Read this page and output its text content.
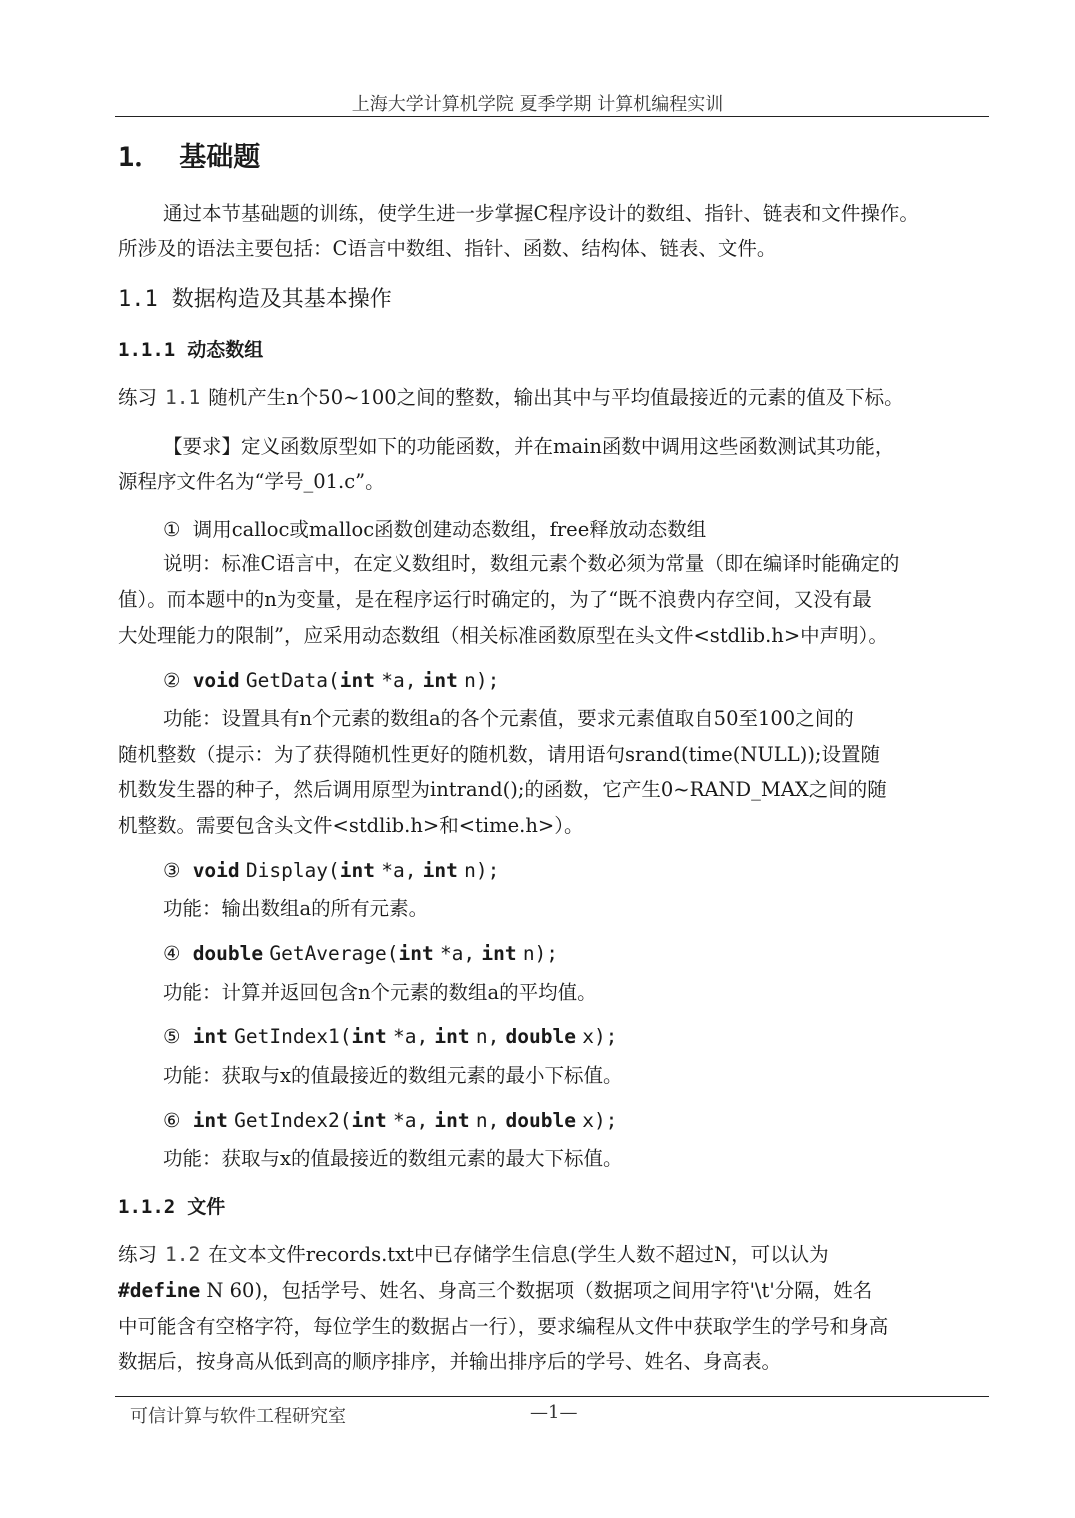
上海大学计算机学院 夏季学期 计算机编程实训
1． 基础题
通过本节基础题的训练，使学生进一步掌握C程序设计的数组、指针、链表和文件操作。
所涉及的语法主要包括：C语言中数组、指针、函数、结构体、链表、文件。
1.1 数据构造及其基本操作
1.1.1 动态数组
练习 1.1 随机产生n个50~100之间的整数，输出其中与平均值最接近的元素的值及下标。
【要求】定义函数原型如下的功能函数，并在main函数中调用这些函数测试其功能，
源程序文件名为“学号_01.c”。
① 调用calloc或malloc函数创建动态数组，free释放动态数组
说明：标准C语言中，在定义数组时，数组元素个数必须为常量（即在编译时能确定的
值）。而本题中的n为变量，是在程序运行时确定的，为了“既不浪费内存空间，又没有最
大处理能力的限制”，应采用动态数组（相关标准函数原型在头文件<stdlib.h>中声明）。
② void GetData(int *a, int n);
功能：设置具有n个元素的数组a的各个元素值，要求元素值取自50至100之间的
随机整数（提示：为了获得随机性更好的随机数，请用语句srand(time(NULL));设置随
机数发生器的种子，然后调用原型为intrand();的函数，它产生0~RAND_MAX之间的随
机整数。需要包含头文件<stdlib.h>和<time.h>）。
③ void Display(int *a, int n);
功能：输出数组a的所有元素。
④ double GetAverage(int *a, int n);
功能：计算并返回包含n个元素的数组a的平均值。
⑤ int GetIndex1(int *a, int n, double x);
功能：获取与x的值最接近的数组元素的最小下标值。
⑥ int GetIndex2(int *a, int n, double x);
功能：获取与x的值最接近的数组元素的最大下标值。
1.1.2 文件
练习 1.2 在文本文件records.txt中已存储学生信息(学生人数不超过N，可以认为
#define N 60)，包括学号、姓名、身高三个数据项（数据项之间用字符'\t'分隔，姓名
中可能含有空格字符，每位学生的数据占一行），要求编程从文件中获取学生的学号和身高
数据后，按身高从低到高的顺序排序，并输出排序后的学号、姓名、身高表。
可信计算与软件工程研究室	—1—
